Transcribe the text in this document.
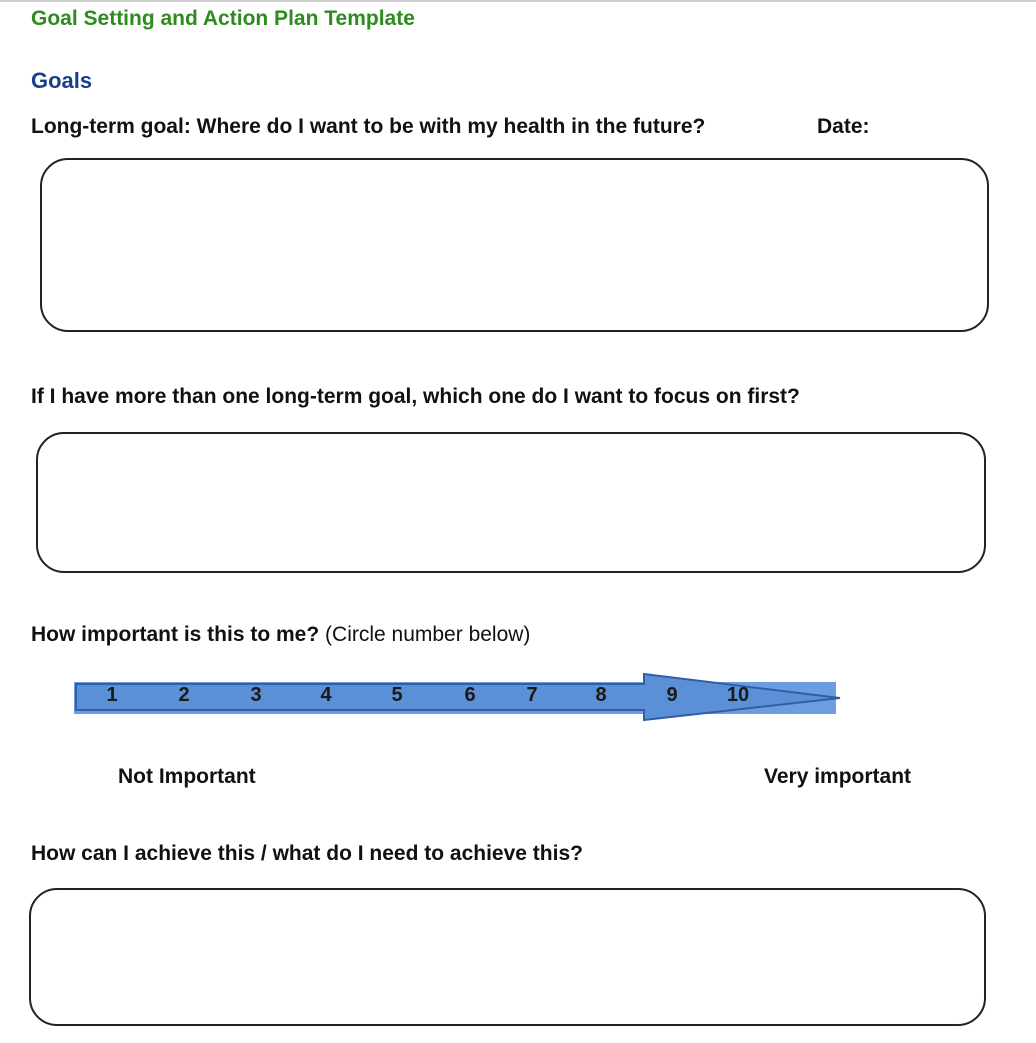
Goal Setting and Action Plan Template
Goals
Long-term goal: Where do I want to be with my health in the future?	Date:
If I have more than one long-term goal, which one do I want to focus on first?
How important is this to me? (Circle number below)
1	2	3	4	5	6	7	8	9 10
Not Important	Very important
How can I achieve this / what do I need to achieve this?
